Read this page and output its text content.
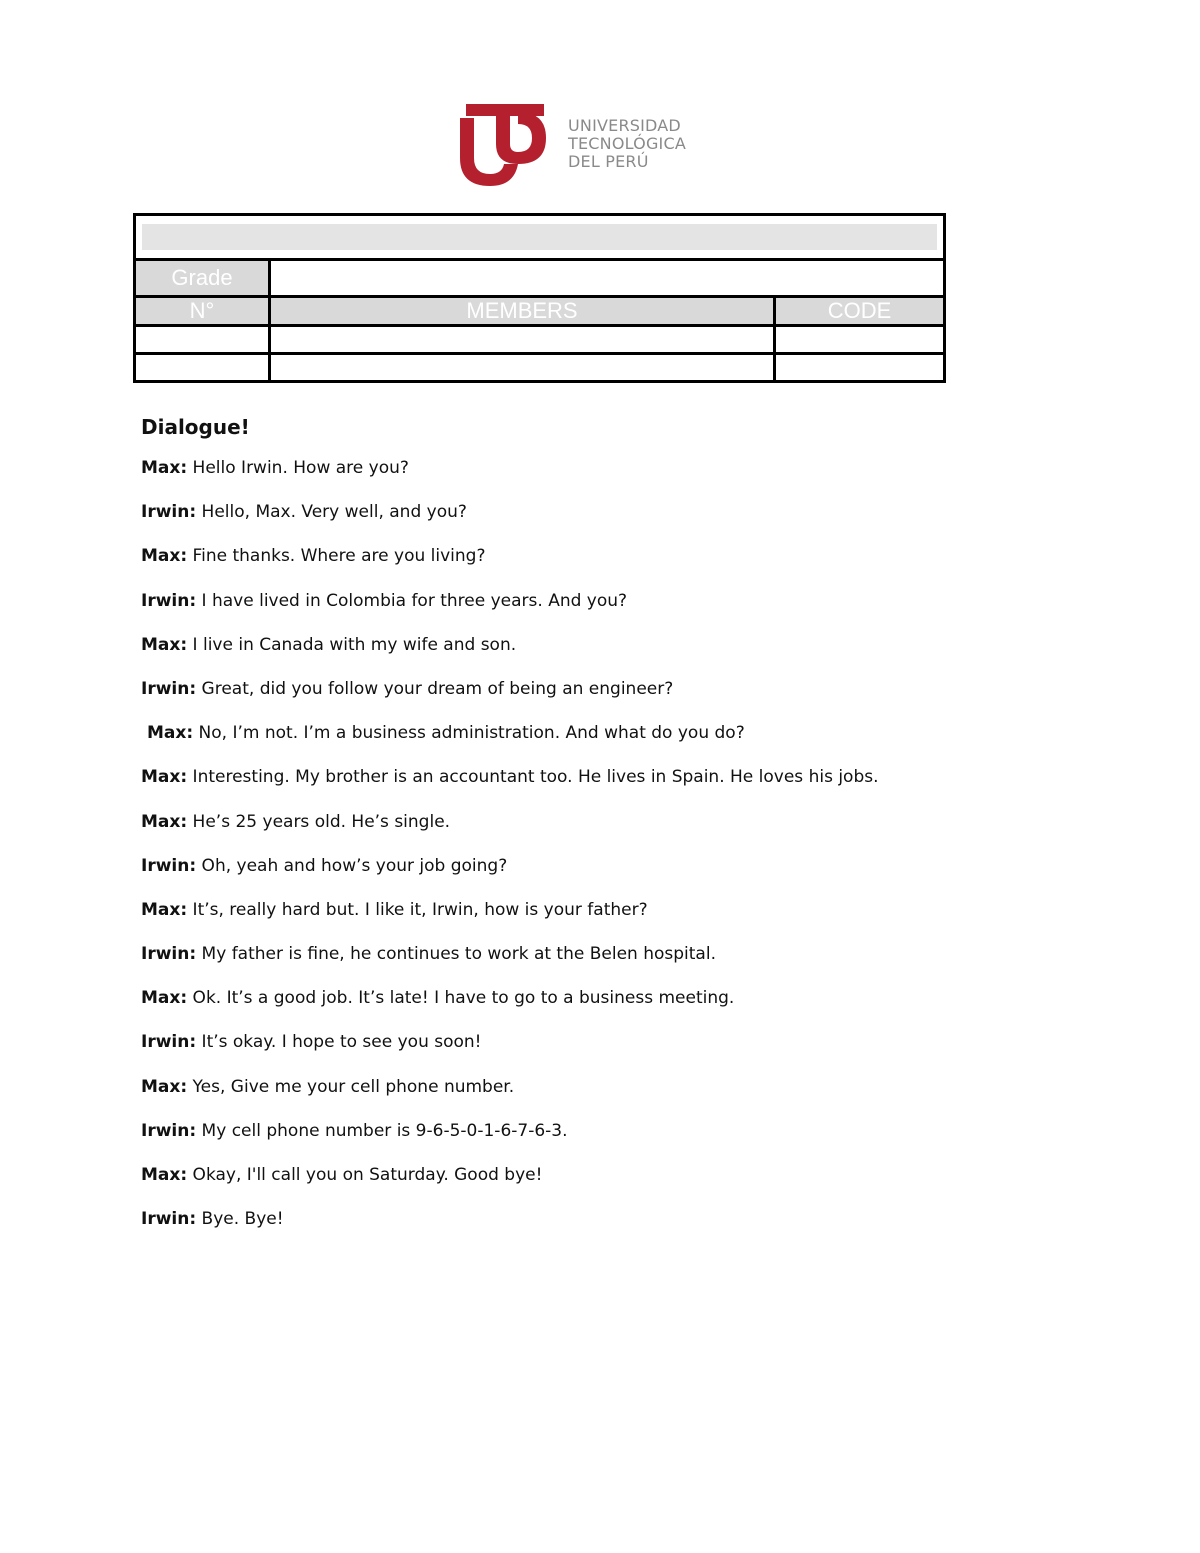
UNIVERSIDAD
TECNOLÓGICA
DEL PERÚ

Grade		
N°	MEMBERS	CODE

Dialogue!
Max: Hello Irwin. How are you?
Irwin: Hello, Max. Very well, and you?
Max: Fine thanks. Where are you living?
Irwin: I have lived in Colombia for three years. And you?
Max: I live in Canada with my wife and son.
Irwin: Great, did you follow your dream of being an engineer?
Max: No, I’m not. I’m a business administration. And what do you do?
Max: Interesting. My brother is an accountant too. He lives in Spain. He loves his jobs.
Max: He’s 25 years old. He’s single.
Irwin: Oh, yeah and how’s your job going?
Max: It’s, really hard but. I like it, Irwin, how is your father?
Irwin: My father is fine, he continues to work at the Belen hospital.
Max: Ok. It’s a good job. It’s late! I have to go to a business meeting.
Irwin: It’s okay. I hope to see you soon!
Max: Yes, Give me your cell phone number.
Irwin: My cell phone number is 9-6-5-0-1-6-7-6-3.
Max: Okay, I'll call you on Saturday. Good bye!
Irwin: Bye. Bye!
